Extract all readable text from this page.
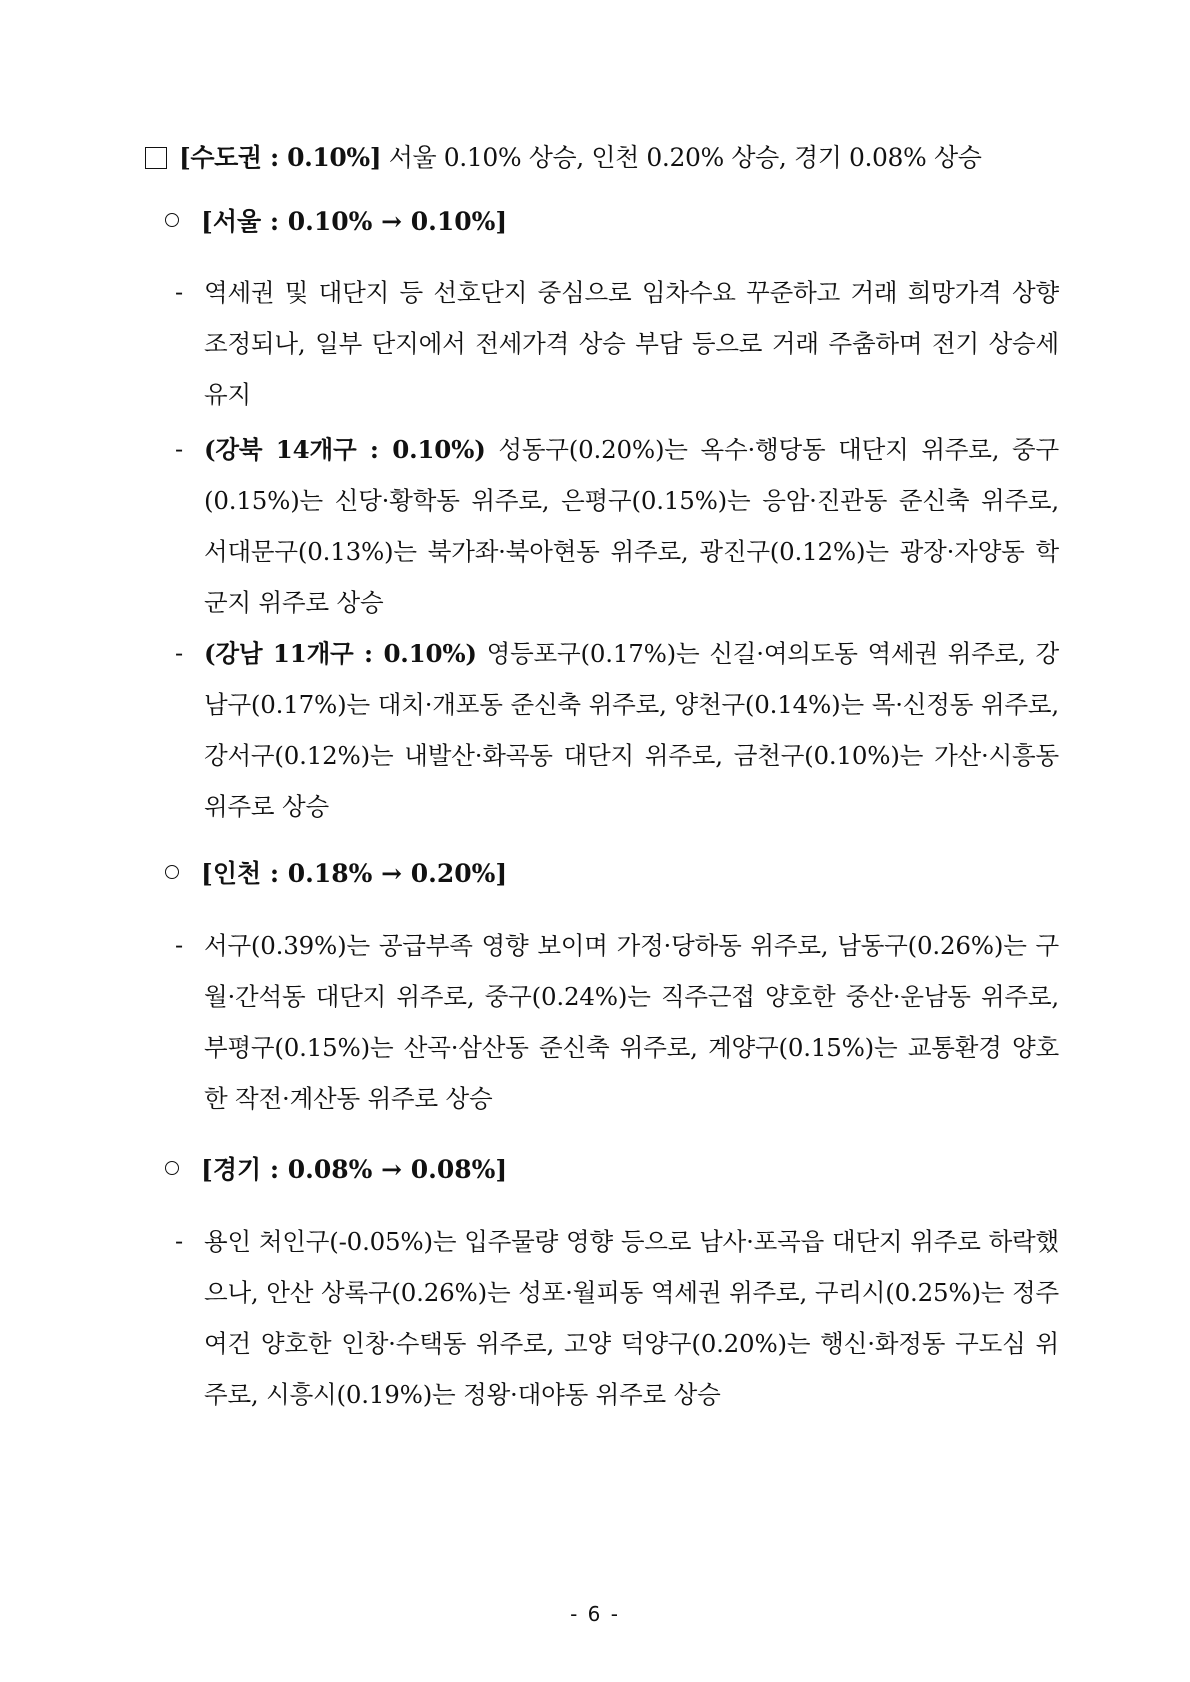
[수도권 : 0.10%] 서울 0.10% 상승, 인천 0.20% 상승, 경기 0.08% 상승
[서울 : 0.10% → 0.10%]
- 역세권 및 대단지 등 선호단지 중심으로 임차수요 꾸준하고 거래 희망가격 상향 조정되나, 일부 단지에서 전세가격 상승 부담 등으로 거래 주춤하며 전기 상승세 유지
- (강북 14개구 : 0.10%) 성동구(0.20%)는 옥수·행당동 대단지 위주로, 중구(0.15%)는 신당·황학동 위주로, 은평구(0.15%)는 응암·진관동 준신축 위주로, 서대문구(0.13%)는 북가좌·북아현동 위주로, 광진구(0.12%)는 광장·자양동 학군지 위주로 상승
- (강남 11개구 : 0.10%) 영등포구(0.17%)는 신길·여의도동 역세권 위주로, 강남구(0.17%)는 대치·개포동 준신축 위주로, 양천구(0.14%)는 목·신정동 위주로, 강서구(0.12%)는 내발산·화곡동 대단지 위주로, 금천구(0.10%)는 가산·시흥동 위주로 상승
[인천 : 0.18% → 0.20%]
- 서구(0.39%)는 공급부족 영향 보이며 가정·당하동 위주로, 남동구(0.26%)는 구월·간석동 대단지 위주로, 중구(0.24%)는 직주근접 양호한 중산·운남동 위주로, 부평구(0.15%)는 산곡·삼산동 준신축 위주로, 계양구(0.15%)는 교통환경 양호한 작전·계산동 위주로 상승
[경기 : 0.08% → 0.08%]
- 용인 처인구(-0.05%)는 입주물량 영향 등으로 남사·포곡읍 대단지 위주로 하락했으나, 안산 상록구(0.26%)는 성포·월피동 역세권 위주로, 구리시(0.25%)는 정주여건 양호한 인창·수택동 위주로, 고양 덕양구(0.20%)는 행신·화정동 구도심 위주로, 시흥시(0.19%)는 정왕·대야동 위주로 상승
- 6 -
